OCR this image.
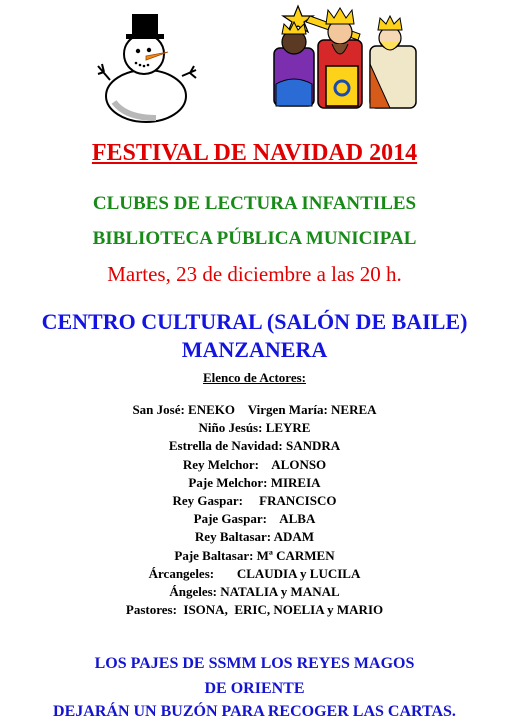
FESTIVAL DE NAVIDAD 2014

CLUBES DE LECTURA INFANTILES

BIBLIOTECA PÚBLICA MUNICIPAL

Martes, 23 de diciembre a las 20 h.

CENTRO CULTURAL (SALÓN DE BAILE)

MANZANERA

Elenco de Actores:

San José: ENEKO    Virgen María: NEREA
Niño Jesús: LEYRE
Estrella de Navidad: SANDRA
Rey Melchor:    ALONSO
Paje Melchor: MIREIA
Rey Gaspar:     FRANCISCO
Paje Gaspar:    ALBA
Rey Baltasar: ADAM
Paje Baltasar: Mª CARMEN
Árcangeles:       CLAUDIA y LUCILA
Ángeles: NATALIA y MANAL
Pastores:  ISONA,  ERIC, NOELIA y MARIO

LOS PAJES DE SSMM LOS REYES MAGOS

DE ORIENTE

DEJARÁN UN BUZÓN PARA RECOGER LAS CARTAS.
